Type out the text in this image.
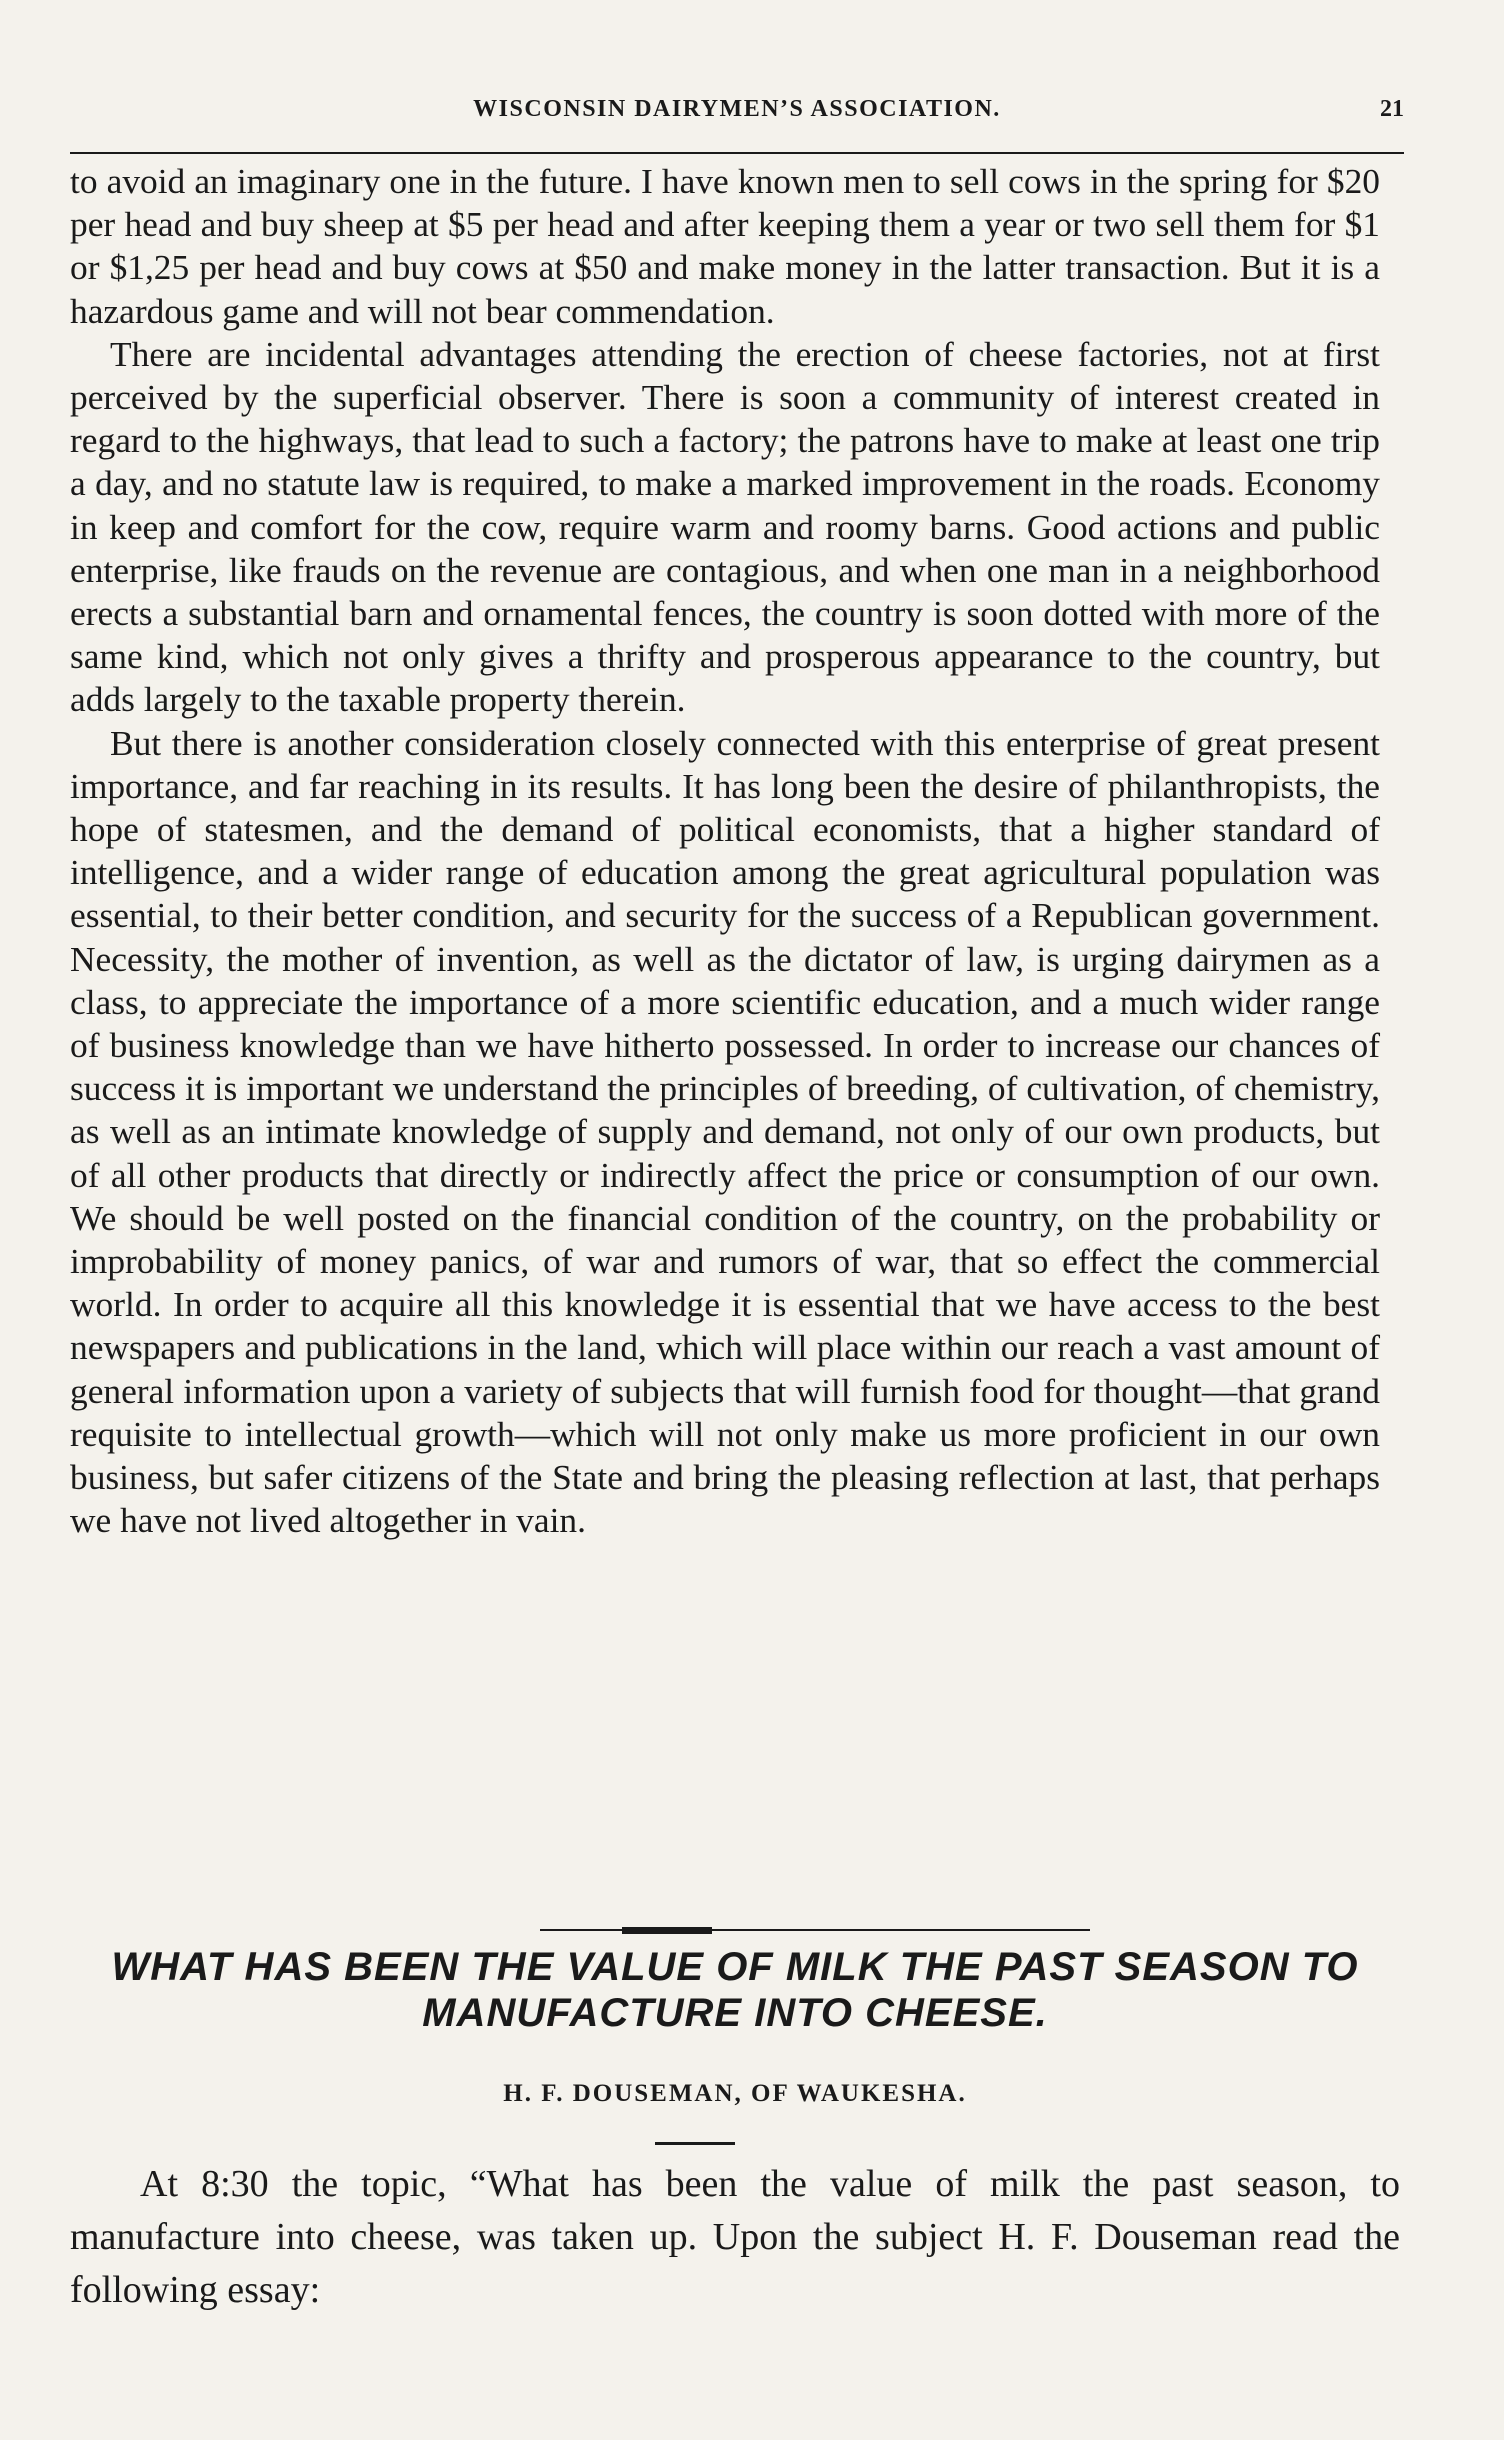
WISCONSIN DAIRYMEN’S ASSOCIATION.	21

to avoid an imaginary one in the future. I have known men to sell cows in the spring for $20 per head and buy sheep at $5 per head and after keeping them a year or two sell them for $1 or $1,25 per head and buy cows at $50 and make money in the latter transaction. But it is a hazardous game and will not bear commendation.

There are incidental advantages attending the erection of cheese factories, not at first perceived by the superficial observer. There is soon a community of interest created in regard to the highways, that lead to such a factory; the patrons have to make at least one trip a day, and no statute law is required, to make a marked improvement in the roads. Economy in keep and comfort for the cow, require warm and roomy barns. Good actions and public enterprise, like frauds on the revenue are contagious, and when one man in a neighborhood erects a substantial barn and ornamental fences, the country is soon dotted with more of the same kind, which not only gives a thrifty and prosperous appearance to the country, but adds largely to the taxable property therein.

But there is another consideration closely connected with this enterprise of great present importance, and far reaching in its results. It has long been the desire of philanthropists, the hope of statesmen, and the demand of political economists, that a higher standard of intelligence, and a wider range of education among the great agricultural population was essential, to their better condition, and security for the success of a Republican government. Necessity, the mother of invention, as well as the dictator of law, is urging dairymen as a class, to appreciate the importance of a more scientific education, and a much wider range of business knowledge than we have hitherto possessed. In order to increase our chances of success it is important we understand the principles of breeding, of cultivation, of chemistry, as well as an intimate knowledge of supply and demand, not only of our own products, but of all other products that directly or indirectly affect the price or consumption of our own. We should be well posted on the financial condition of the country, on the probability or improbability of money panics, of war and rumors of war, that so effect the commercial world. In order to acquire all this knowledge it is essential that we have access to the best newspapers and publications in the land, which will place within our reach a vast amount of general information upon a variety of subjects that will furnish food for thought—that grand requisite to intellectual growth—which will not only make us more proficient in our own business, but safer citizens of the State and bring the pleasing reflection at last, that perhaps we have not lived altogether in vain.

WHAT HAS BEEN THE VALUE OF MILK THE PAST SEASON TO MANUFACTURE INTO CHEESE.
H. F. DOUSEMAN, OF WAUKESHA.

At 8:30 the topic, “What has been the value of milk the past season, to manufacture into cheese, was taken up. Upon the subject H. F. Douseman read the following essay:
